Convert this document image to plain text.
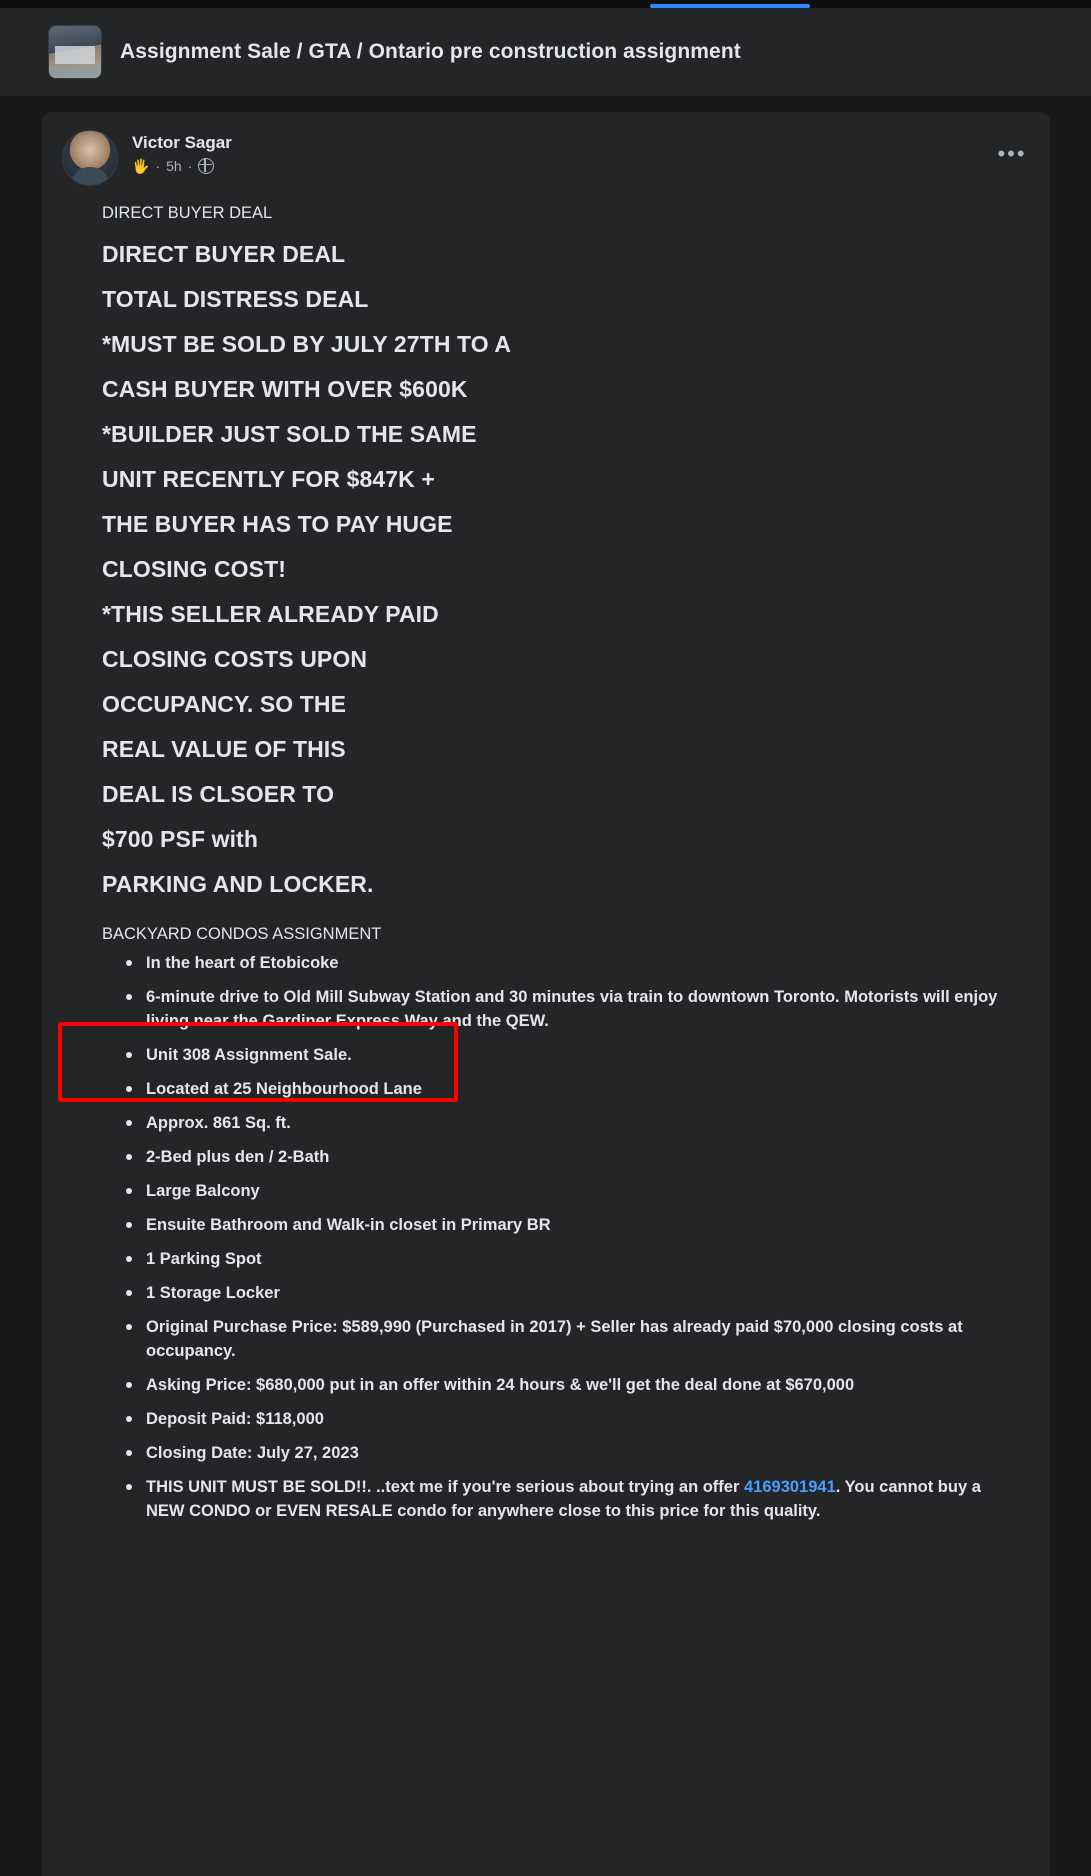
Assignment Sale / GTA / Ontario pre construction assignment
Victor Sagar
🖐 · 5h ·	•••

DIRECT BUYER DEAL

DIRECT BUYER DEAL

TOTAL DISTRESS DEAL

*MUST BE SOLD BY JULY 27TH TO A

CASH BUYER WITH OVER $600K

*BUILDER JUST SOLD THE SAME

UNIT RECENTLY FOR $847K +

THE BUYER HAS TO PAY HUGE

CLOSING COST!

*THIS SELLER ALREADY PAID

CLOSING COSTS UPON

OCCUPANCY. SO THE

REAL VALUE OF THIS

DEAL IS CLSOER TO

$700 PSF with

PARKING AND LOCKER.

BACKYARD CONDOS ASSIGNMENT

In the heart of Etobicoke
6-minute drive to Old Mill Subway Station and 30 minutes via train to downtown Toronto. Motorists will enjoy living near the Gardiner Express Way and the QEW.
Unit 308 Assignment Sale.
Located at 25 Neighbourhood Lane
Approx. 861 Sq. ft.
2-Bed plus den / 2-Bath
Large Balcony
Ensuite Bathroom and Walk-in closet in Primary BR
1 Parking Spot
1 Storage Locker
Original Purchase Price: $589,990 (Purchased in 2017) + Seller has already paid $70,000 closing costs at occupancy.
Asking Price: $680,000 put in an offer within 24 hours & we'll get the deal done at $670,000
Deposit Paid: $118,000
Closing Date: July 27, 2023
THIS UNIT MUST BE SOLD!!. ..text me if you're serious about trying an offer 4169301941. You cannot buy a NEW CONDO or EVEN RESALE condo for anywhere close to this price for this quality.
